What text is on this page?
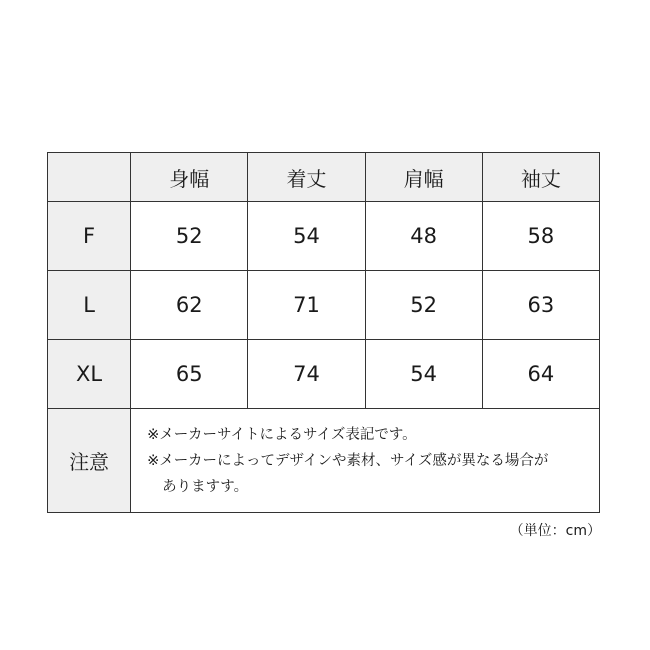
	身幅	着丈	肩幅	袖丈
F	52	54	48	58
L	62	71	52	63
XL	65	74	54	64
注意	※メーカーサイトによるサイズ表記です。
※メーカーによってデザインや素材、サイズ感が異なる場合が
ありますす。			
（単位：cm）
